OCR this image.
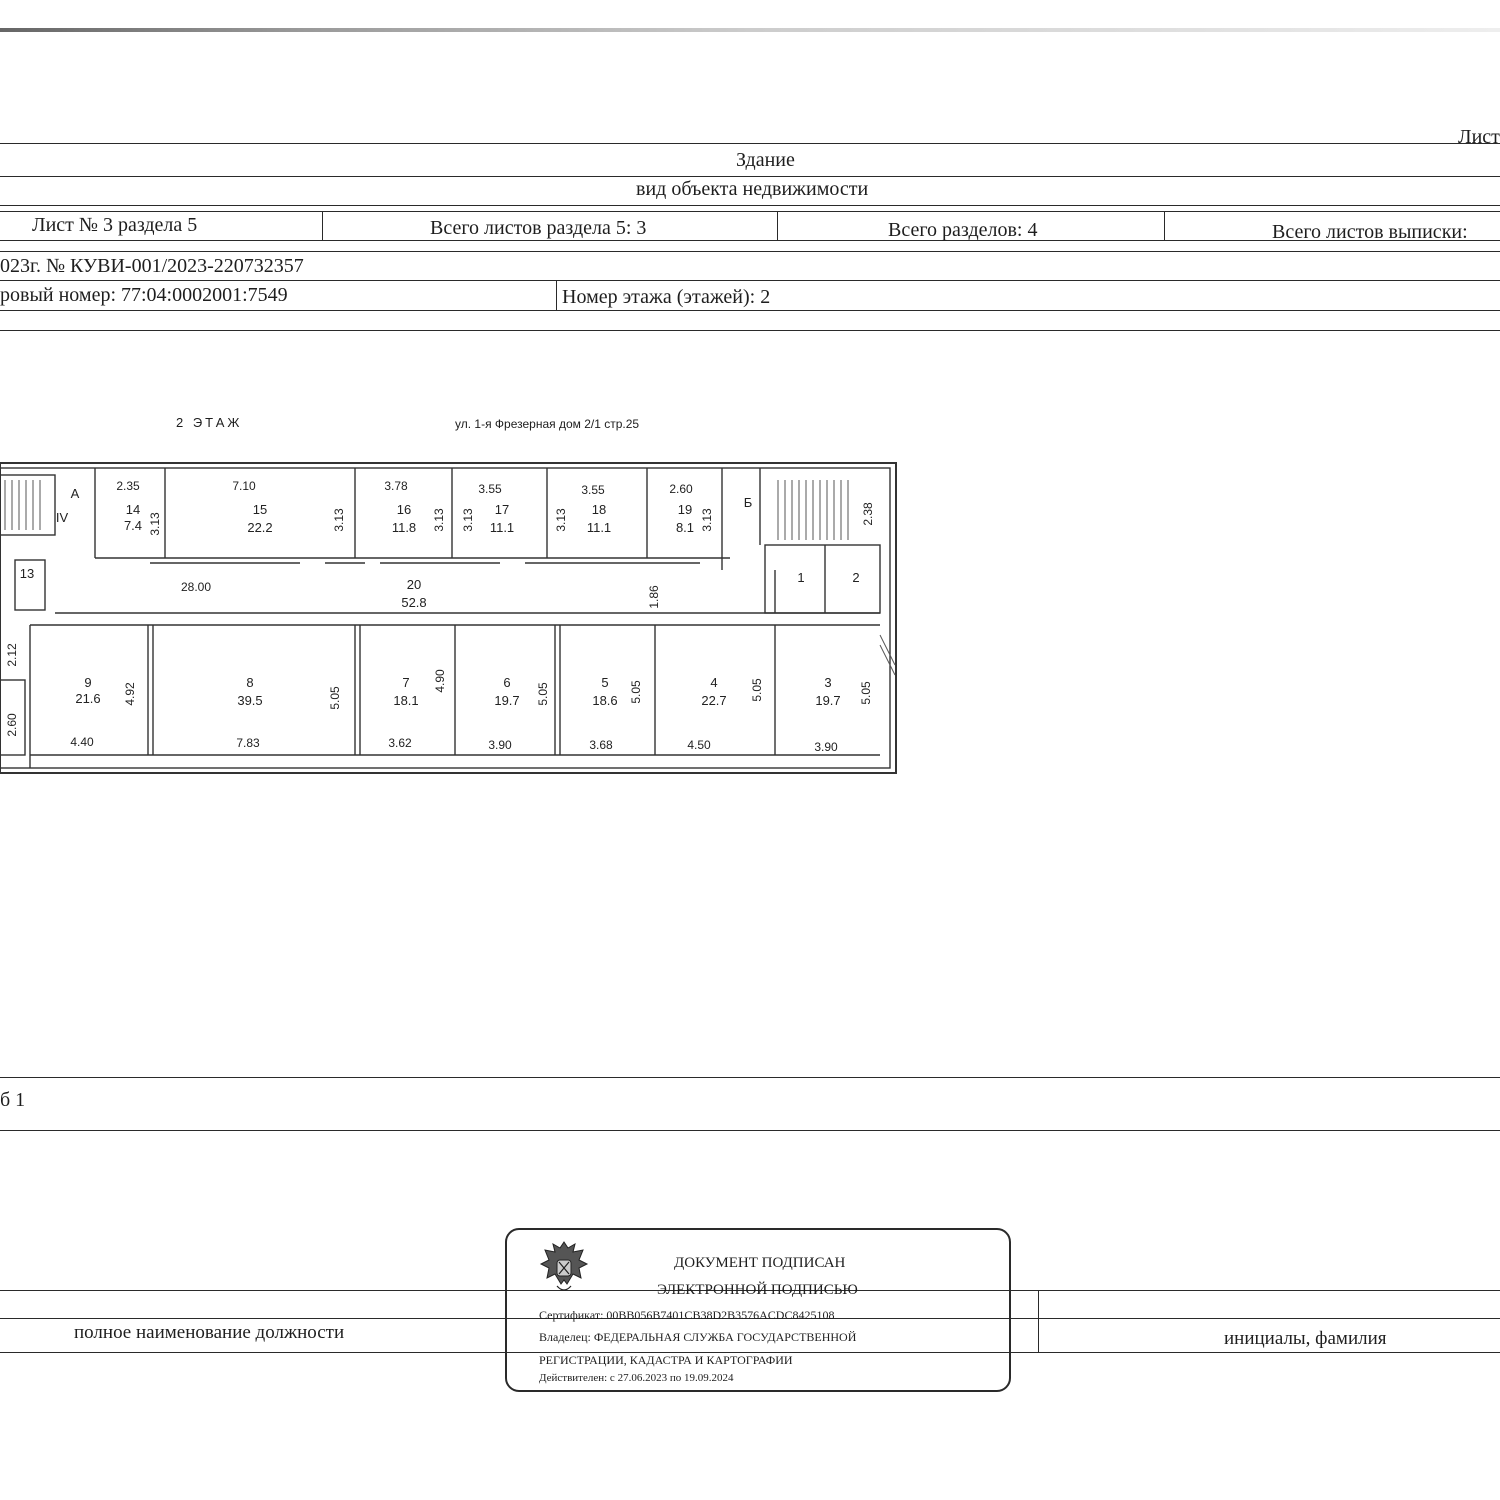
Лист
Здание
вид объекта недвижимости
Лист № 3 раздела 5	Всего листов раздела 5: 3	Всего разделов: 4	Всего листов выписки:
023г. № КУВИ-001/2023-220732357
ровый номер: 77:04:0002001:7549	Номер этажа (этажей): 2
2 ЭТАЖ	ул. 1-я Фрезерная дом 2/1 стр.25
14
7.4
15
22.2
16
11.8
17
11.1
18
11.1
19
8.1
20
52.8
9
21.6
8
39.5
7
18.1
6
19.7
5
18.6
4
22.7
3
19.7
А
Б
IV
13	1	2
2.35	7.10	3.78	3.55	3.55	2.60
28.00
4.40	7.83	3.62	3.90	3.68	4.50	3.90
3.13	3.13	3.13 3.13	3.13	3.13	2.38
1.86
2.12
2.60
4.92	5.05
4.90
5.05	5.05	5.05	5.05
б 1
полное наименование должности	инициалы, фамилия
ДОКУМЕНТ ПОДПИСАН
ЭЛЕКТРОННОЙ ПОДПИСЬЮ
Сертификат: 00BB056B7401CB38D2B3576ACDC8425108
Владелец: ФЕДЕРАЛЬНАЯ СЛУЖБА ГОСУДАРСТВЕННОЙ
РЕГИСТРАЦИИ, КАДАСТРА И КАРТОГРАФИИ
Действителен: с 27.06.2023 по 19.09.2024
